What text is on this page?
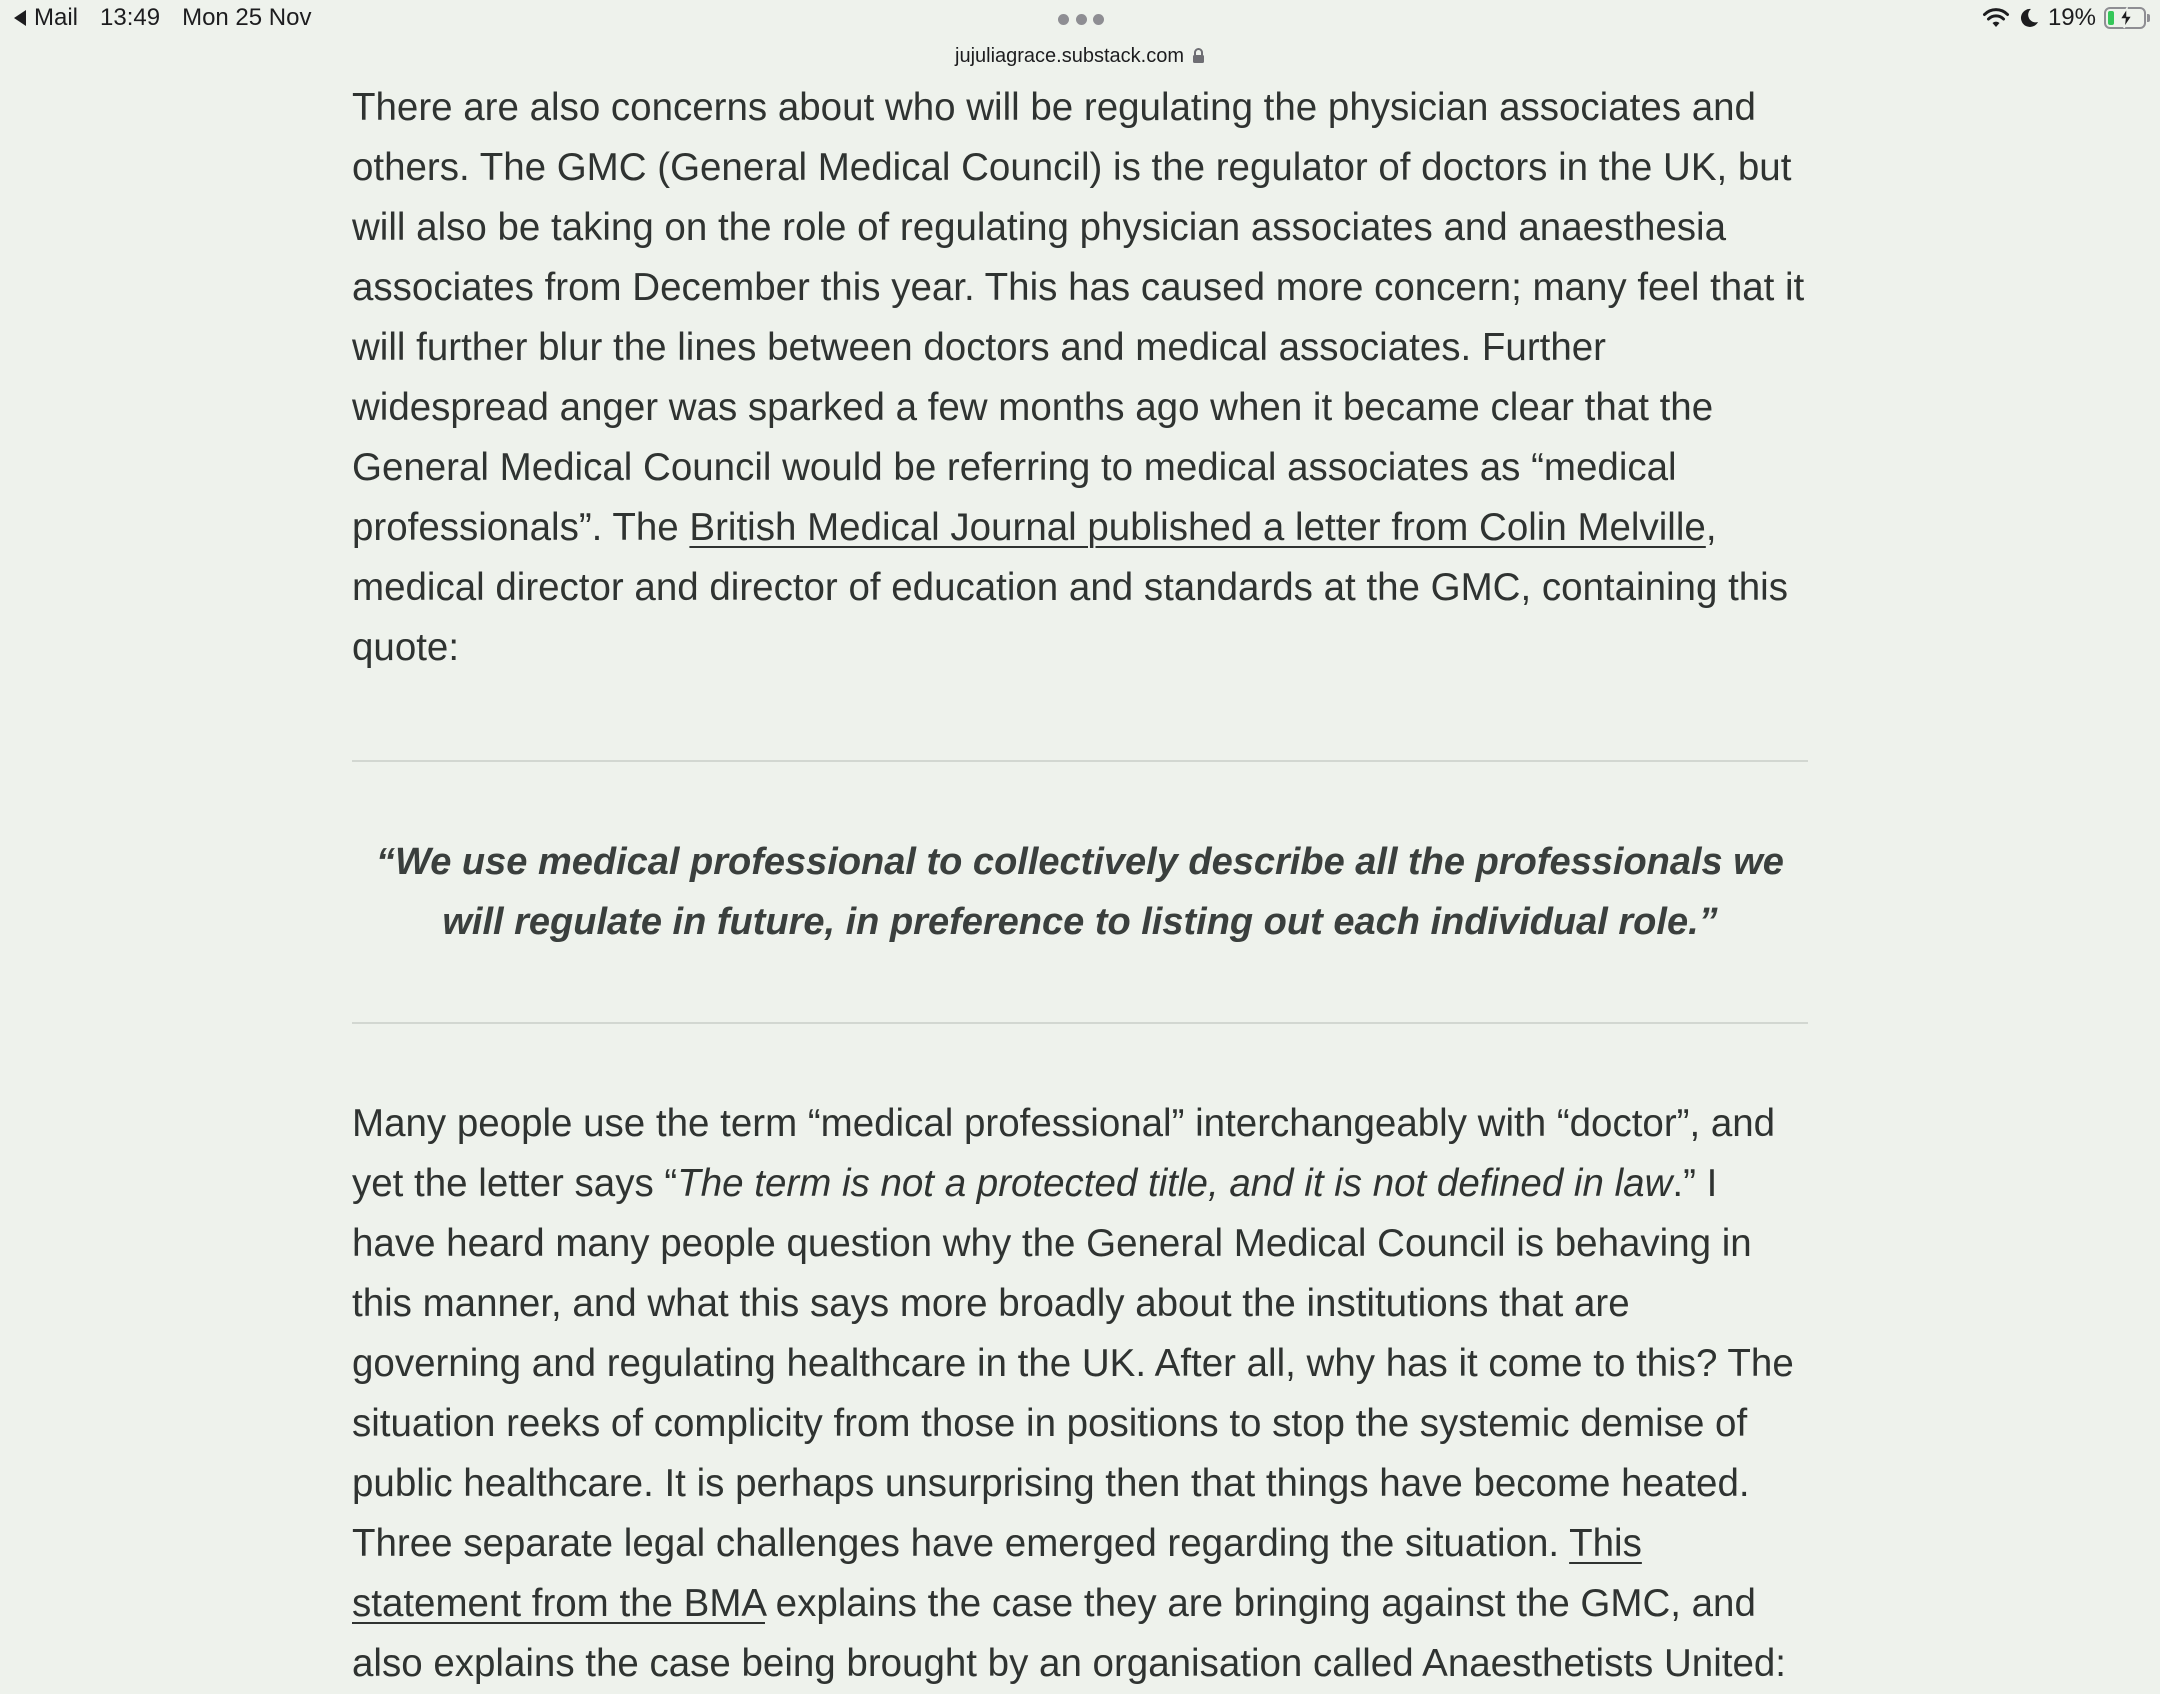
Mail 13:49 Mon 25 Nov	19%
jujuliagrace.substack.com

There are also concerns about who will be regulating the physician associates and others. The GMC (General Medical Council) is the regulator of doctors in the UK, but will also be taking on the role of regulating physician associates and anaesthesia associates from December this year. This has caused more concern; many feel that it will further blur the lines between doctors and medical associates. Further widespread anger was sparked a few months ago when it became clear that the General Medical Council would be referring to medical associates as “medical professionals”. The British Medical Journal published a letter from Colin Melville, medical director and director of education and standards at the GMC, containing this quote:

“We use medical professional to collectively describe all the professionals we will regulate in future, in preference to listing out each individual role.”

Many people use the term “medical professional” interchangeably with “doctor”, and yet the letter says “The term is not a protected title, and it is not defined in law.” I have heard many people question why the General Medical Council is behaving in this manner, and what this says more broadly about the institutions that are governing and regulating healthcare in the UK. After all, why has it come to this? The situation reeks of complicity from those in positions to stop the systemic demise of public healthcare. It is perhaps unsurprising then that things have become heated. Three separate legal challenges have emerged regarding the situation. This statement from the BMA explains the case they are bringing against the GMC, and also explains the case being brought by an organisation called Anaesthetists United:
